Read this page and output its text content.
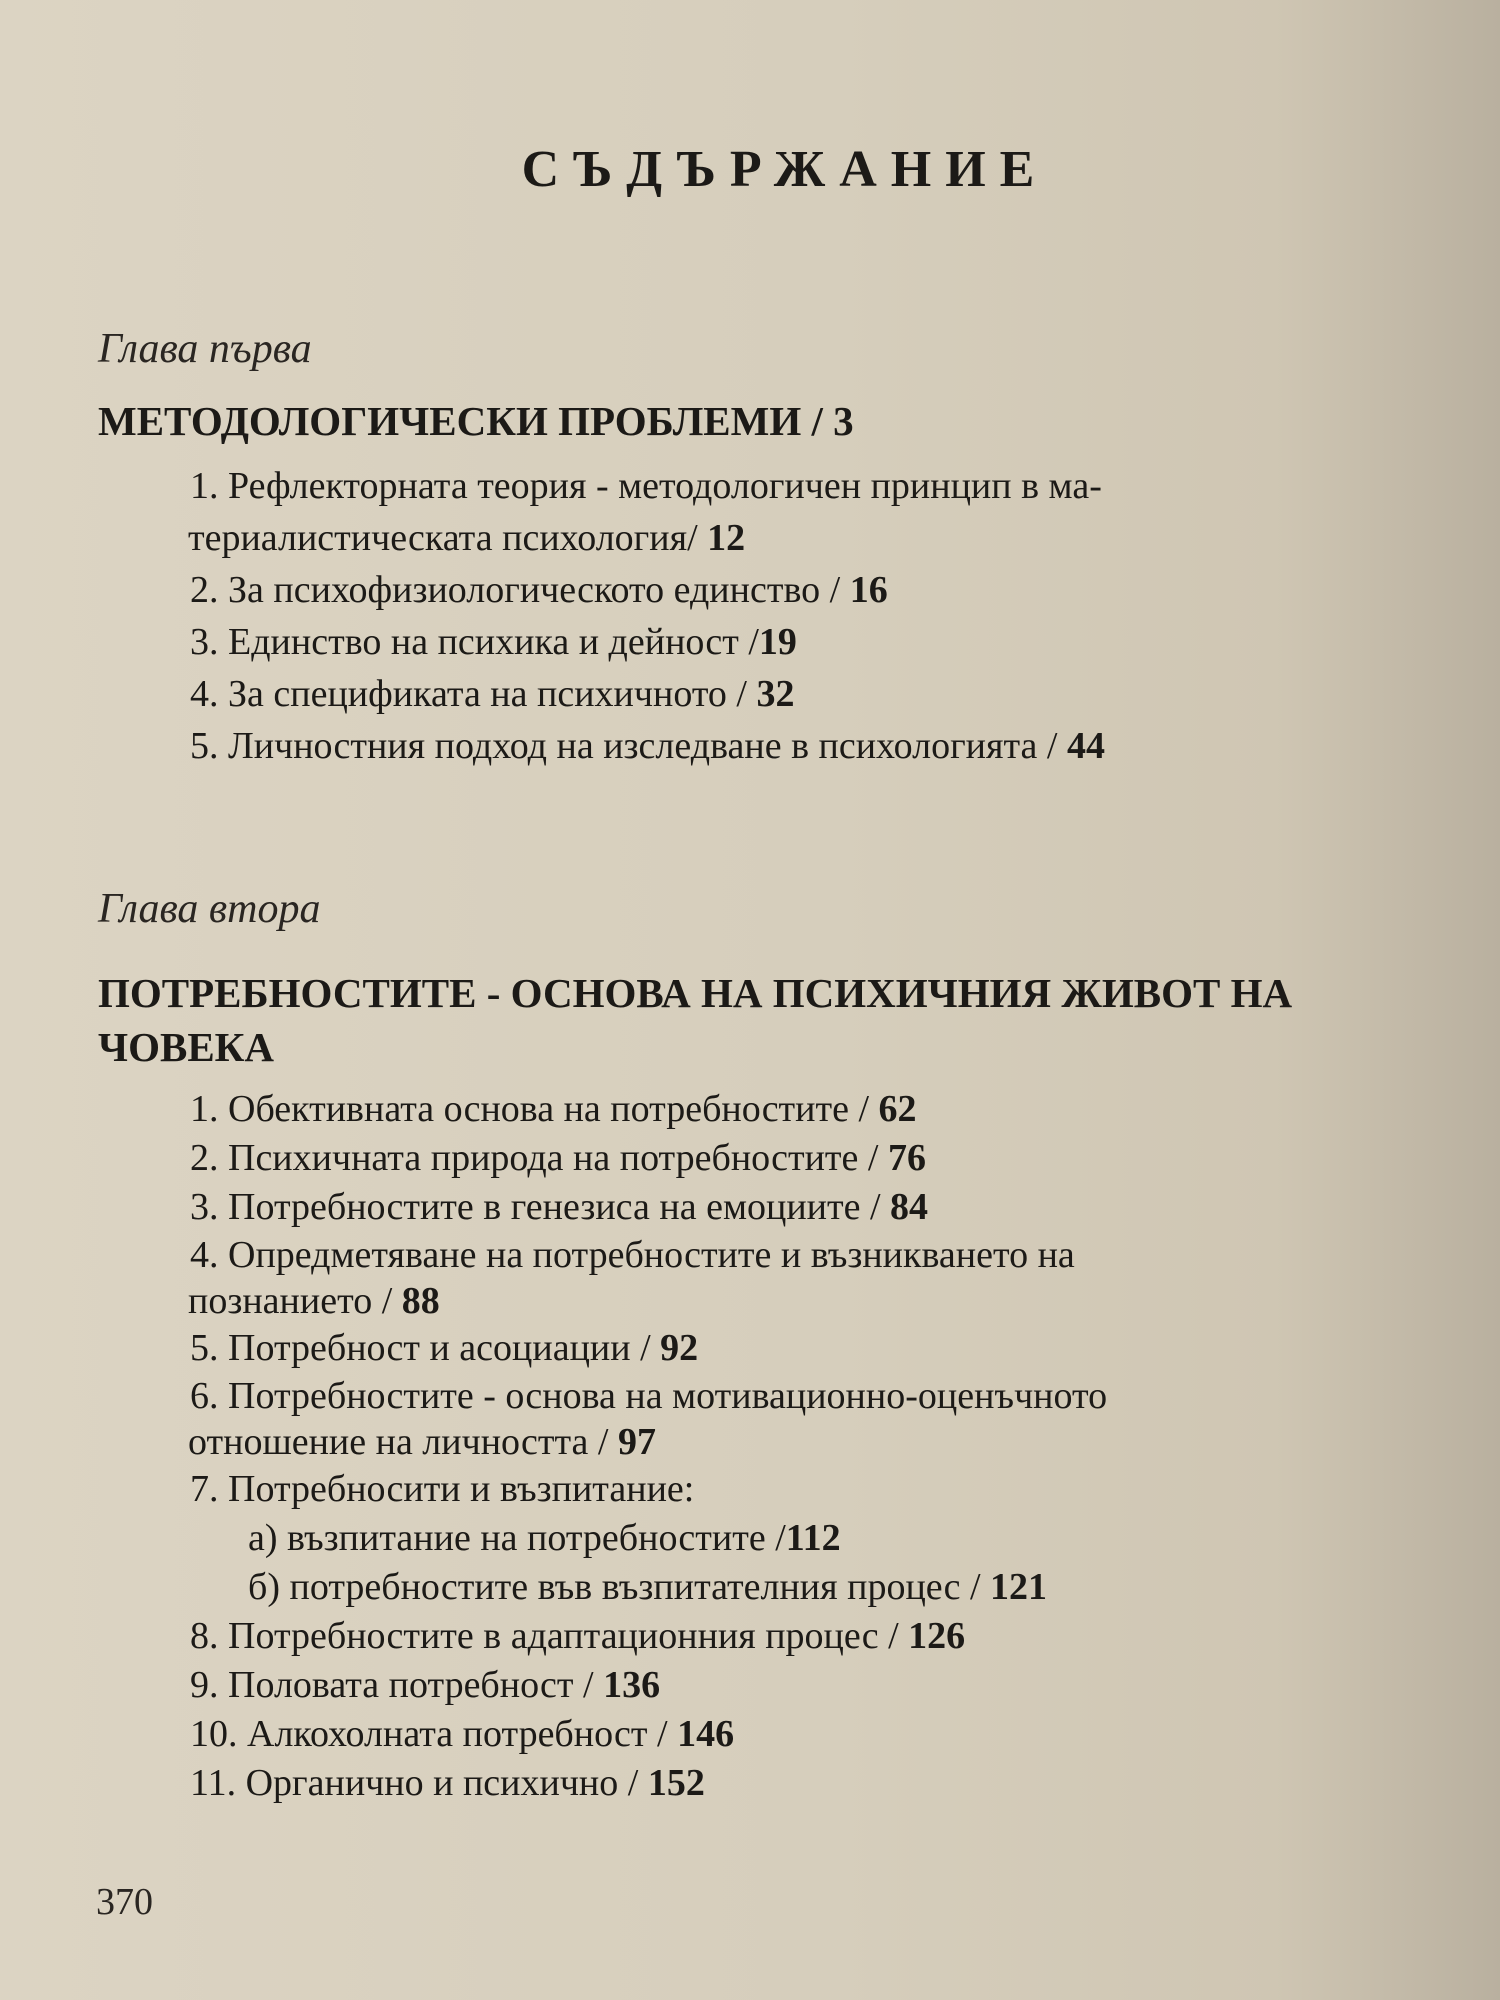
СЪДЪРЖАНИЕ
Глава първа
МЕТОДОЛОГИЧЕСКИ ПРОБЛЕМИ / 3
1. Рефлекторната теория - методологичен принцип в ма-
териалистическата психология/ 12
2. За психофизиологическото единство / 16
3. Единство на психика и дейност /19
4. За спецификата на психичното / 32
5. Личностния подход на изследване в психологията / 44
Глава втора
ПОТРЕБНОСТИТЕ - ОСНОВА НА ПСИХИЧНИЯ ЖИВОТ НА ЧОВЕКА
1. Обективната основа на потребностите / 62
2. Психичната природа на потребностите / 76
3. Потребностите в генезиса на емоциите / 84
4. Опредметяване на потребностите и възникването на
познанието / 88
5. Потребност и асоциации / 92
6. Потребностите - основа на мотивационно-оценъчното
отношение на личността / 97
7. Потребносити и възпитание:
а) възпитание на потребностите /112
б) потребностите във възпитателния процес / 121
8. Потребностите в адаптационния процес / 126
9. Половата потребност / 136
10. Алкохолната потребност / 146
11. Органично и психично / 152
370
